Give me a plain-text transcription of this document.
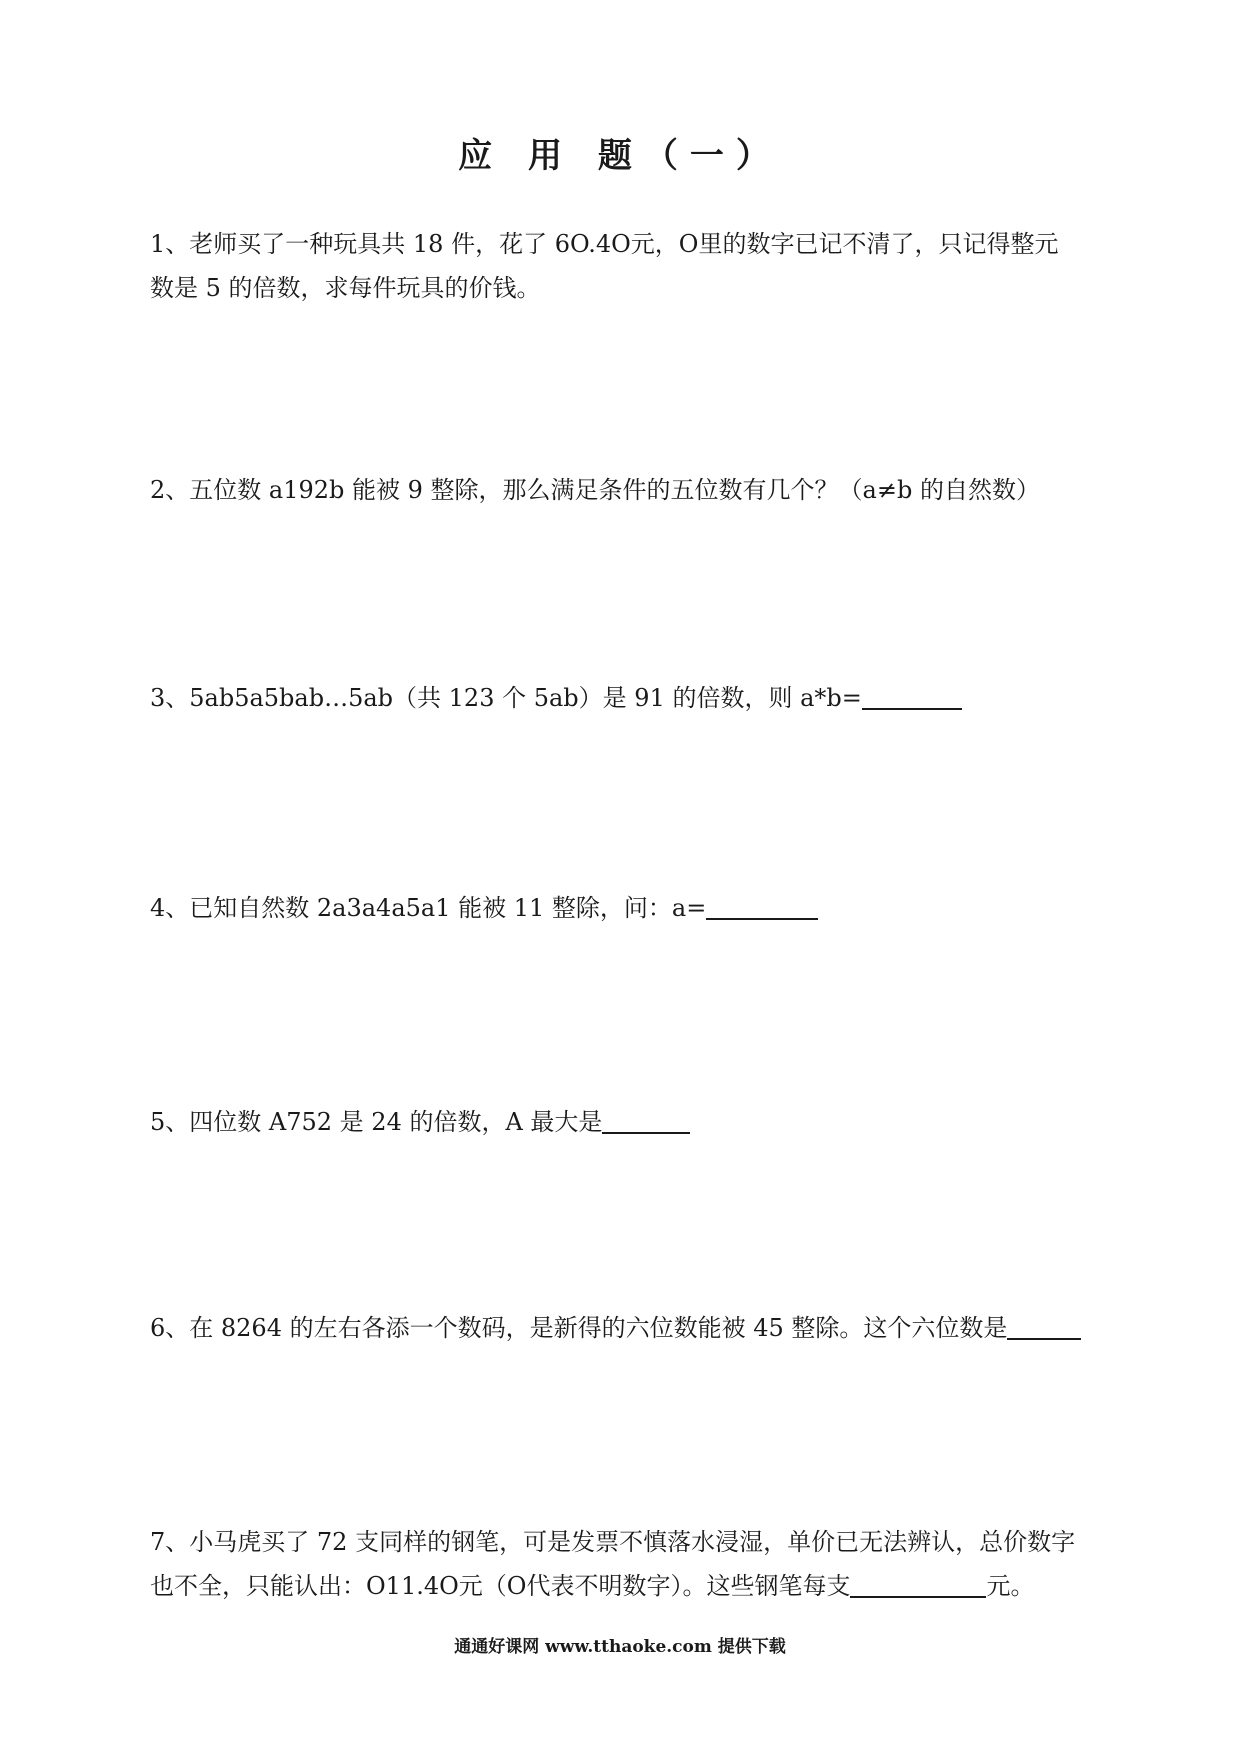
应 用 题（一）
1、老师买了一种玩具共 18 件，花了 6O.4O元，O里的数字已记不清了，只记得整元
数是 5 的倍数，求每件玩具的价钱。
2、五位数 a192b 能被 9 整除，那么满足条件的五位数有几个？（a≠b 的自然数）
3、5ab5a5bab…5ab（共 123 个 5ab）是 91 的倍数，则 a*b=
4、已知自然数 2a3a4a5a1 能被 11 整除，问：a=
5、四位数 A752 是 24 的倍数，A 最大是
6、在 8264 的左右各添一个数码，是新得的六位数能被 45 整除。这个六位数是
7、小马虎买了 72 支同样的钢笔，可是发票不慎落水浸湿，单价已无法辨认，总价数字
也不全，只能认出：O11.4O元（O代表不明数字）。这些钢笔每支	元。
通通好课网 www.tthaoke.com 提供下载
